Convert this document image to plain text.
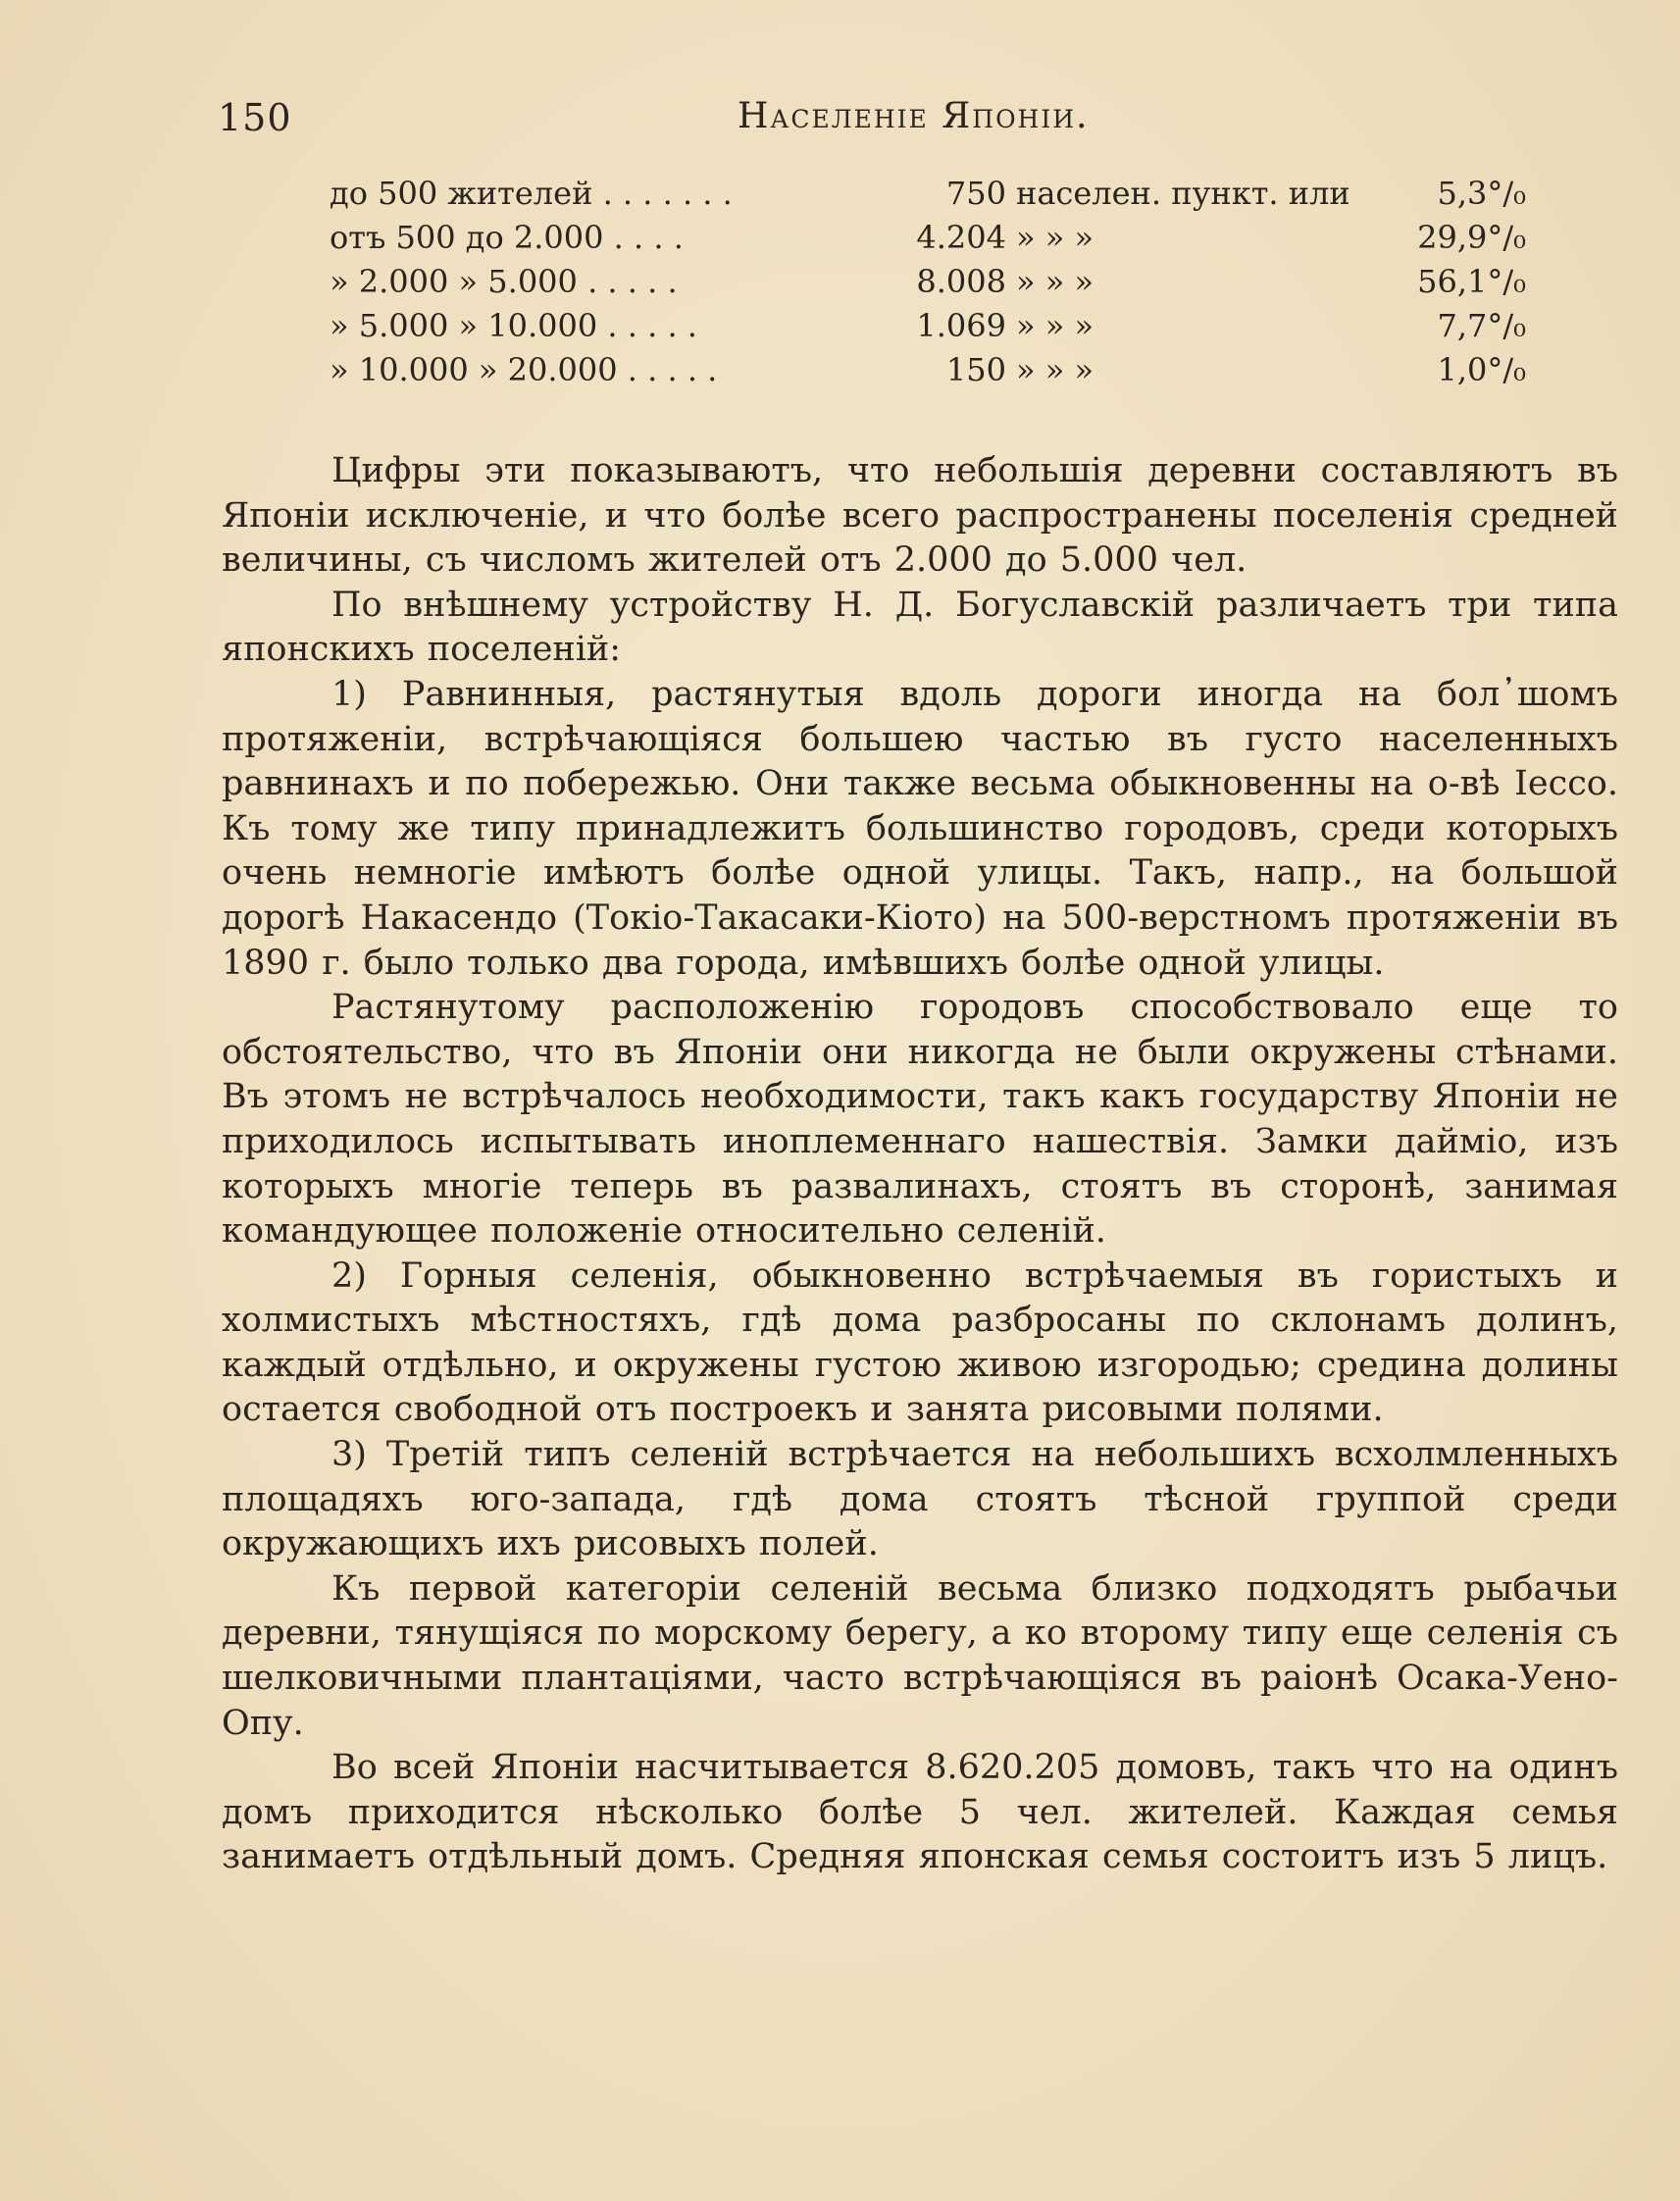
150	Населеніе Японіи.
до 500 жителей . . . . . . .	750 населен. пункт. или	5,3°/₀
отъ 500 до 2.000 . . . .	4.204 » » »	29,9°/₀
» 2.000 » 5.000 . . . . .	8.008 » » »	56,1°/₀
» 5.000 » 10.000 . . . . .	1.069 » » »	7,7°/₀
» 10.000 » 20.000 . . . . .	150 » » »	1,0°/₀

Цифры эти показываютъ, что небольшія деревни составляютъ въ Японіи исключеніе, и что болѣе всего распространены поселенія средней величины, съ числомъ жителей отъ 2.000 до 5.000 чел.

По внѣшнему устройству Н. Д. Богуславскій различаетъ три типа японскихъ поселеній:

1) Равнинныя, растянутыя вдоль дороги иногда на бол᾽шомъ протяженіи, встрѣчающіяся большею частью въ густо населенныхъ равнинахъ и по побережью. Они также весьма обыкновенны на о-вѣ Іессо. Къ тому же типу принадлежитъ большинство городовъ, среди которыхъ очень немногіе имѣютъ болѣе одной улицы. Такъ, напр., на большой дорогѣ Накасендо (Токіо-Такасаки-Кіото) на 500-верстномъ протяженіи въ 1890 г. было только два города, имѣвшихъ болѣе одной улицы.

Растянутому расположенію городовъ способствовало еще то обстоятельство, что въ Японіи они никогда не были окружены стѣнами. Въ этомъ не встрѣчалось необходимости, такъ какъ государству Японіи не приходилось испытывать иноплеменнаго нашествія. Замки дайміо, изъ которыхъ многіе теперь въ развалинахъ, стоятъ въ сторонѣ, занимая командующее положеніе относительно селеній.

2) Горныя селенія, обыкновенно встрѣчаемыя въ гористыхъ и холмистыхъ мѣстностяхъ, гдѣ дома разбросаны по склонамъ долинъ, каждый отдѣльно, и окружены густою живою изгородью; средина долины остается свободной отъ построекъ и занята рисовыми полями.

3) Третій типъ селеній встрѣчается на небольшихъ всхолмленныхъ площадяхъ юго-запада, гдѣ дома стоятъ тѣсной группой среди окружающихъ ихъ рисовыхъ полей.

Къ первой категоріи селеній весьма близко подходятъ рыбачьи деревни, тянущіяся по морскому берегу, а ко второму типу еще селенія съ шелковичными плантаціями, часто встрѣчающіяся въ раіонѣ Осака-Уено-Опу.

Во всей Японіи насчитывается 8.620.205 домовъ, такъ что на одинъ домъ приходится нѣсколько болѣе 5 чел. жителей. Каждая семья занимаетъ отдѣльный домъ. Средняя японская семья состоитъ изъ 5 лицъ.
